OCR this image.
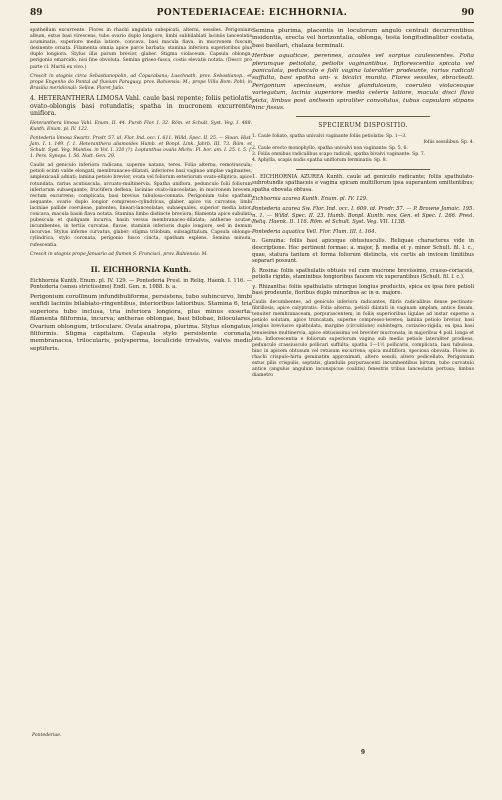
89	PONTEDERIACEAE: EICHHORNIA.	90

spathellum excurrente. Flores in rhachi angulata subspicati, alterni, sessiles. Perigonium album, extus basi virescens, tubo ovario duplo longiore, limbi subbilabiati laciniis lanceolatis acuminatis, superiore media latiore, concava, basi macula flava, in mucronem fuscum desinente ornata. Filamenta omnia apice parce barbata; stamina inferiora superioribus plus duplo longiora. Stylus illis parum brevior, glaber. Stigma violaceum. Capsula oblonga, perigonio emarcido, nisi fine obvoluta. Semina griseo-fusca, costis elevatis notata. (Descr. pro parte cl. Martii ex vivo.)

Crescit in stagnis circa Sebastianopolin, ad Copacabana; Luschnath, prov. Sebastianop., et prope Engenho do Pontal ad fluvium Paraguay, prov. Bahiensis: M.; prope Villa Bom: Pohl; in Brasilia meridionali: Sellow. Floret Julio.

4. HETERANTHERA LIMOSA Vahl. caule basi repente; foliis petiolatis ovato-oblongis basi rotundatis; spatha in mucronem excurrente uniflora.

Heteranthera limosa Vahl. Enum. II. 44. Pursh Flor. I. 32. Röm. et Schult. Syst. Veg. I. 488. Kunth. Enum. pl. IV. 122.

Pontederia limosa Swartz. Prodr. 57. id. Flor. Ind. occ. I. 611. Willd. Spec. II. 25. — Sloan. Hist. Jam. I. t. 149. f. 1. Heteranthera alismoides Humb. et Bonpl. Link. Jahrb. III. 73. Röm. et Schult. Syst. Veg. Mantiss. in Vol. I. 320 (?). Leptanthus ovalis Michx. Fl. bor. am. I. 25. t. 5. f. 1. Pers. Synops. I. 56. Nutt. Gen. 29.

Caulis ad geniculo inferiora radicans, superne natans, teres. Folia alterna, remotiuscula; petioli ecinti valde elongati, membranaceo-dilatati, inferiores basi vaginae amplae vaginantes, amplexicauli adnati; lamina petiolo brevior, ovata vel foliorum exteriorum ovato-elliptica, apice rotundata, rarius acutiuscula, arcuato-multinervia. Spatha uniflora, pedunculo folii foliorum inferiorum subaequante, fructifera deflexa; laciniae ovato-lanceolatae, in mucronem brevem, rectum excurrens; complicata, basi brevius tubulosa-connata. Perigonium tubo spatham aequante, ovario duplo longior compresso-cylindricus, glaber, apice vix curvatus; limbi laciniae pallide coeruleae, patentes, lineari-lanceolatae, subaequales, superior media latior, concava, macula basin flava notata. Stamina limbo distincte breviora; filamenta apice subulata pubescula et quidquam incurva, basin versus membranaceo-dilatata; antherae acutae, incumbentes, in tertiis curvatae, flavae, staminis inferioris duplo longiore, sed in demum incurvae. Stylus inferne curvatus, glaber; stigma trilobum, subsagittatum. Capsula oblongo-cylindrica, stylo coronata, perigonio fusco cincta, spatham explens. Semina minuta, rufescentia.

Crescit in stagnis prope Januario ad flumen S. Francisci, prov. Bahiensis: M.

II. EICHHORNIA Kunth.

Eichhornia Kunth. Enum. pl. IV. 129. — Pontederia Presl. in Reliq. Haenk. I. 116. — Pontederia (sensu strictissimo) Endl. Gen. n. 1088. b. a.

Perigonium corollinum infundibuliforme, persistens, tubo subincurvo, limbi sexfidi laciniis bilabiato-ringentibus, interioribus latioribus. Stamina 6, tria superiora tubo inclusa, tria inferiora longiora, plus minus exserta: filamenta filiformia, incurva; antherae oblongae, basi bilobae, biloculares. Ovarium oblongum, triloculare. Ovula anatropa, plurima. Stylus elongatus, filiformis. Stigma capitatum. Capsula stylo persistente coronata, membranacea, trilocularis, polysperma, loculicide trivalvis, valvis medio septiferis.

Semina plurima, placentis in loculorum angulo centrali decurrentibus insidentia, erecta vel horizontalia, oblonga, testa longitudinaliter costata, basi basilari, chalaza terminali.

Herbae aquaticae, perennes, acaules vel sarpius caulescentes. Folia plerumque petiolata, petiolis vaginantibus. Inflorescentia spicata vel paniculata, pedunculo e folii vagina lateraliter prodeunte, rarius radicali suffulta, basi spatha uni- v. bicalci munita. Flores sessiles, ebracteati. Perigonium speciosum, extus glandulosum, coeruleo violaceoque variegatum, lacinia superiore media ceteris latiore, macula disci flava picta, limbus post anthesin spiraliter convolutus, tubus capsulam stipans hinc fissus.

SPECIERUM DISPOSITIO.
1. Caule foliato, spatha univalvi vaginante foliis petiolatis: Sp. 1—3.
foliis sessilibus: Sp. 4.
2. Caule erecto monophyllo, spatha univalvi non vaginante: Sp. 5, 6.
3. Foliis omnibus radicalibus scapo radicali, spatha bivalvi vaginante: Sp. 7.
4. Aphylla, scapis nudis spatha uniflorum terminatis: Sp. 8.

1. EICHHORNIA AZUREA Kunth. caule ad geniculo radicante; foliis spathulato-subrotundis spathaceis e vagina spicam multiflorum ipsa superantem emittentibus; spatha obovata obtusa.

Eichhornia azurea Kunth. Enum. pl. IV. 129.

Pontederia azurea Sw. Flor. Ind. occ. I. 609. id. Prodr. 57. — P. Browne Jamaic. 195. n. 1. — Willd. Spec. II. 23. Humb. Bonpl. Kunth. nov. Gen. et Spec. I. 266. Presl. Reliq. Haenk. II. 116. Röm. et Schult. Syst. Veg. VII. 1138.

Pontederia aquatica Vell. Flor. Flum. III. t. 164.

α. Genuina: foliis basi apiceque obtusiusculis. Reliquae characteres vide in descriptione. Hoc pertinent formae: a. major, β. media et γ. minor Schult. fil. l. c., quae, statura tantum et forma foliorum distincta, vix certis ab invicem limitibus separari possunt.

β. Rosina: foliis spathulatis obtusis vel cum mucrone brevissimo, crasso-coriaceis, petiolis rigidis, staminibus longioribus faucem vix superantibus (Schult. fil. l. c.).

γ. Rhizantha: foliis spathulatis utrinque longius productis, spica ex ipsa fere petioli basi prodeunte, floribus duplo minoribus ac in α. majore.

Caulis decumbentes, ad geniculo inferiora radicantes, fibris radicalibus dense pectinato-fibrillosis, apice calyptratis. Folia alterna, petioli dilatati in vaginam amplam, antice fissam, tenuiter membranaceam, perpurascentem; in foliis superioribus ligulae ad instar superne a petiolo solutam, apice truncatam, superne compresso-teretes; lamina petiolo brevior, basi longius breviusve spathulata, margine (circuitione) subintegra, coriaceo-rigida, ex ipsa basi tenuissime multinervia, apice obtusissima vel breviter mucronata, in majoribus 4 poll. longa et lata. Inflorescentia e foliorum superiorum vagina sub medio petiolo lateraliter prodiens, pedunculo crassiusculo pollicari suffulta; spatha 1—1½ pollicaris, complicata, basi tubulosa, hinc in apicem obtusum vel retusum excurrens; spica multiflora, speciosa obovata. Flores in rhachi crispulo-hirta geminatim approximati, altero sessili, altero pedicellato. Perigonium extus pilis crispulis, septatis, glandulis purpurascenti incumbentibus hirtum, tubo curvatulo antice (angulus angulum inconspicue coalitis) fenestris tribus lanceolatis pertusa; limbus diametro

Pontederiae.
9
